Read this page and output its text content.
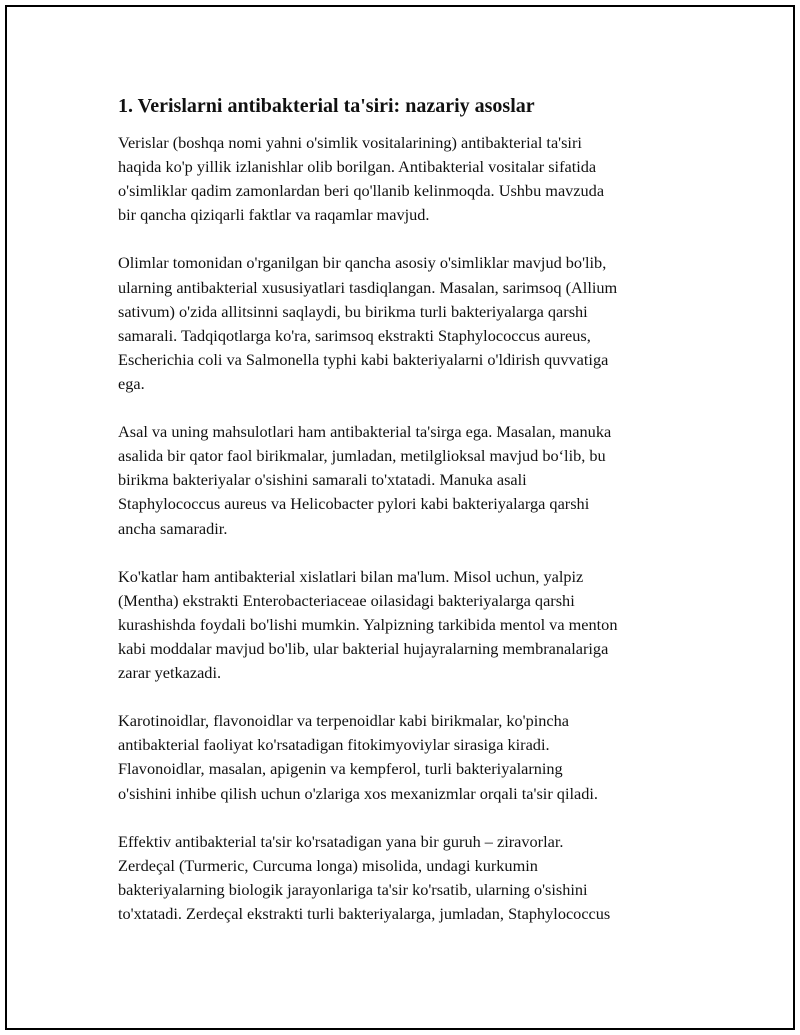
1. Verislarni antibakterial ta'siri: nazariy asoslar

Verislar (boshqa nomi yahni o'simlik vositalarining) antibakterial ta'siri
haqida ko'p yillik izlanishlar olib borilgan. Antibakterial vositalar sifatida
o'simliklar qadim zamonlardan beri qo'llanib kelinmoqda. Ushbu mavzuda
bir qancha qiziqarli faktlar va raqamlar mavjud.

Olimlar tomonidan o'rganilgan bir qancha asosiy o'simliklar mavjud bo'lib,
ularning antibakterial xususiyatlari tasdiqlangan. Masalan, sarimsoq (Allium
sativum) o'zida allitsinni saqlaydi, bu birikma turli bakteriyalarga qarshi
samarali. Tadqiqotlarga ko'ra, sarimsoq ekstrakti Staphylococcus aureus,
Escherichia coli va Salmonella typhi kabi bakteriyalarni o'ldirish quvvatiga
ega.

Asal va uning mahsulotlari ham antibakterial ta'sirga ega. Masalan, manuka
asalida bir qator faol birikmalar, jumladan, metilglioksal mavjud bo‘lib, bu
birikma bakteriyalar o'sishini samarali to'xtatadi. Manuka asali
Staphylococcus aureus va Helicobacter pylori kabi bakteriyalarga qarshi
ancha samaradir.

Ko'katlar ham antibakterial xislatlari bilan ma'lum. Misol uchun, yalpiz
(Mentha) ekstrakti Enterobacteriaceae oilasidagi bakteriyalarga qarshi
kurashishda foydali bo'lishi mumkin. Yalpizning tarkibida mentol va menton
kabi moddalar mavjud bo'lib, ular bakterial hujayralarning membranalariga
zarar yetkazadi.

Karotinoidlar, flavonoidlar va terpenoidlar kabi birikmalar, ko'pincha
antibakterial faoliyat ko'rsatadigan fitokimyoviylar sirasiga kiradi.
Flavonoidlar, masalan, apigenin va kempferol, turli bakteriyalarning
o'sishini inhibe qilish uchun o'zlariga xos mexanizmlar orqali ta'sir qiladi.

Effektiv antibakterial ta'sir ko'rsatadigan yana bir guruh – ziravorlar.
Zerdeçal (Turmeric, Curcuma longa) misolida, undagi kurkumin
bakteriyalarning biologik jarayonlariga ta'sir ko'rsatib, ularning o'sishini
to'xtatadi. Zerdeçal ekstrakti turli bakteriyalarga, jumladan, Staphylococcus
